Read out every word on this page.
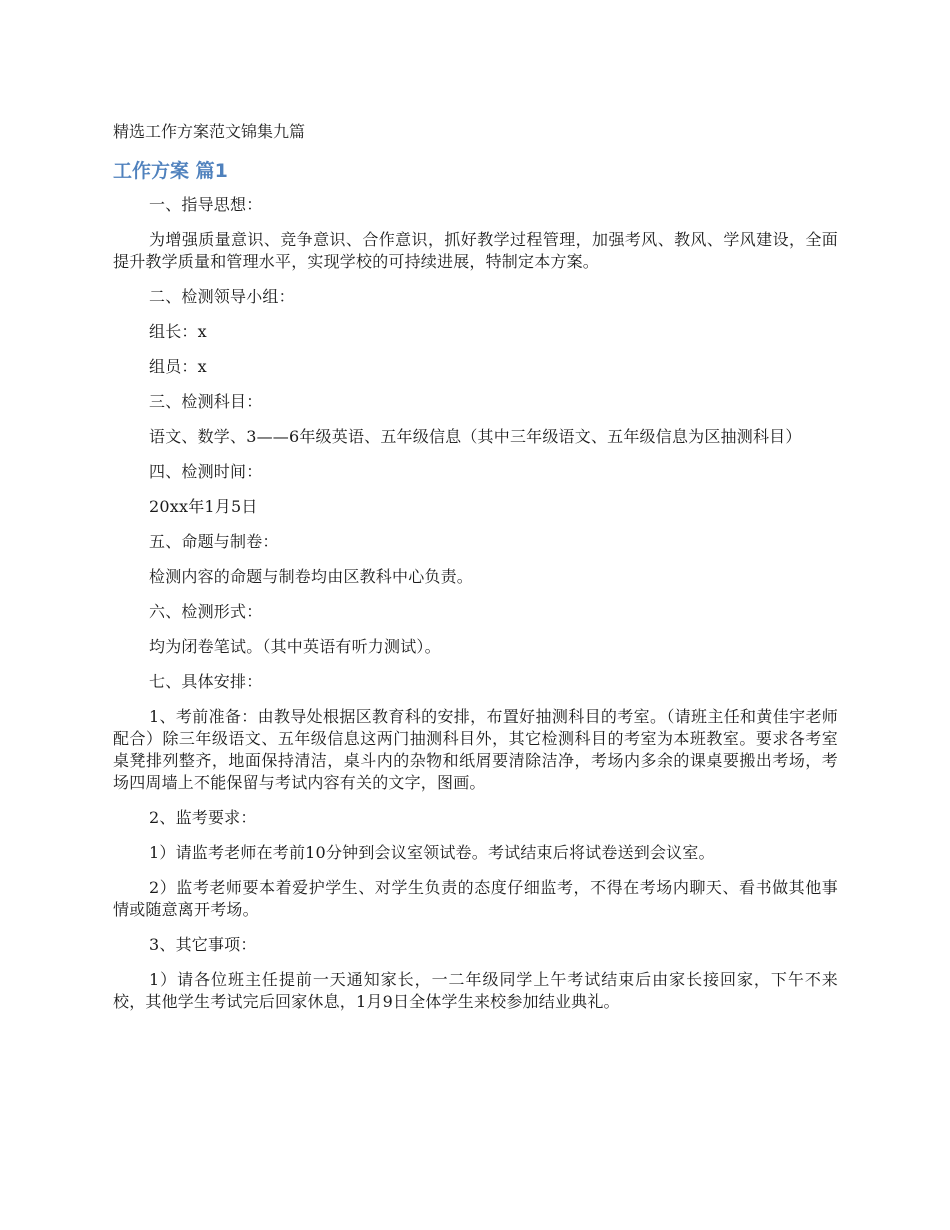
精选工作方案范文锦集九篇
工作方案 篇1

一、指导思想：

为增强质量意识、竞争意识、合作意识，抓好教学过程管理，加强考风、教风、学风建设，全面提升教学质量和管理水平，实现学校的可持续进展，特制定本方案。

二、检测领导小组：

组长：x

组员：x

三、检测科目：

语文、数学、3——6年级英语、五年级信息（其中三年级语文、五年级信息为区抽测科目）

四、检测时间：

20xx年1月5日

五、命题与制卷：

检测内容的命题与制卷均由区教科中心负责。

六、检测形式：

均为闭卷笔试。（其中英语有听力测试）。

七、具体安排：

1、考前准备：由教导处根据区教育科的安排，布置好抽测科目的考室。（请班主任和黄佳宇老师配合）除三年级语文、五年级信息这两门抽测科目外，其它检测科目的考室为本班教室。要求各考室桌凳排列整齐，地面保持清洁，桌斗内的杂物和纸屑要清除洁净，考场内多余的课桌要搬出考场，考场四周墙上不能保留与考试内容有关的文字，图画。

2、监考要求：

1）请监考老师在考前10分钟到会议室领试卷。考试结束后将试卷送到会议室。

2）监考老师要本着爱护学生、对学生负责的态度仔细监考，不得在考场内聊天、看书做其他事情或随意离开考场。

3、其它事项：

1）请各位班主任提前一天通知家长，一二年级同学上午考试结束后由家长接回家，下午不来校，其他学生考试完后回家休息，1月9日全体学生来校参加结业典礼。
